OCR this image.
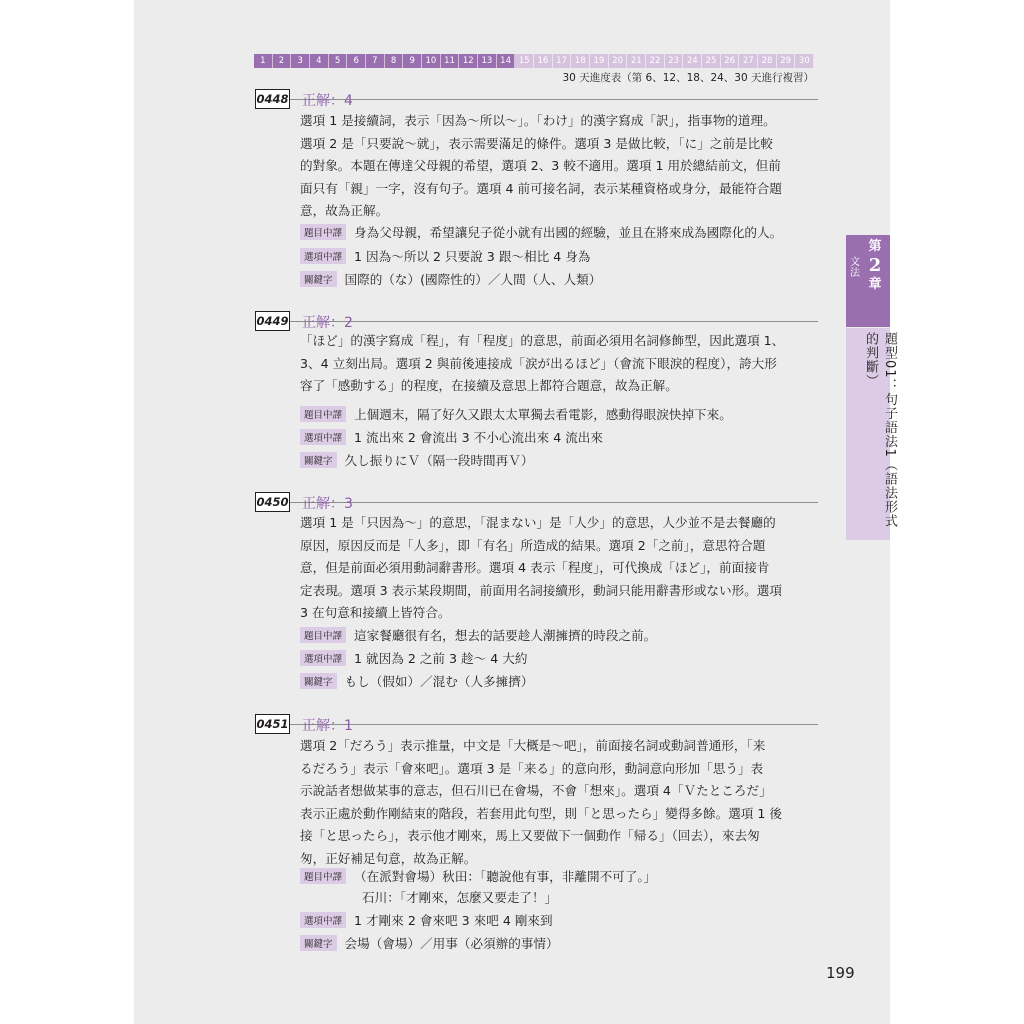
1	2	3	4	5	6	7	8	9	10 11 12 13 14 15 16 17 18 19 20 21 22 23 24 25 26 27 28 29 30
30 天進度表（第 6、12、18、24、30 天進行複習）
0448 正解：4
選項 1 是接續詞，表示「因為～所以～」。「わけ」的漢字寫成「訳」，指事物的道理。
選項 2 是「只要說～就」，表示需要滿足的條件。選項 3 是做比較，「に」之前是比較
的對象。本題在傳達父母親的希望，選項 2、3 較不適用。選項 1 用於總結前文，但前
面只有「親」一字，沒有句子。選項 4 前可接名詞，表示某種資格或身分，最能符合題
意，故為正解。
題目中譯 身為父母親，希望讓兒子從小就有出國的經驗，並且在將來成為國際化的人。
選項中譯 1 因為～所以 2 只要說 3 跟～相比 4 身為
關鍵字 国際的（な）(國際性的）／人間（人、人類）
0449 正解：2
「ほど」的漢字寫成「程」，有「程度」的意思，前面必須用名詞修飾型，因此選項 1、
3、4 立刻出局。選項 2 與前後連接成「涙が出るほど」（會流下眼淚的程度），誇大形
容了「感動する」的程度，在接續及意思上都符合題意，故為正解。
題目中譯 上個週末，隔了好久又跟太太單獨去看電影，感動得眼淚快掉下來。
選項中譯 1 流出來 2 會流出 3 不小心流出來 4 流出來
關鍵字 久し振りにＶ（隔一段時間再Ｖ）
0450 正解：3
選項 1 是「只因為～」的意思，「混まない」是「人少」的意思，人少並不是去餐廳的
原因，原因反而是「人多」，即「有名」所造成的結果。選項 2「之前」，意思符合題
意，但是前面必須用動詞辭書形。選項 4 表示「程度」，可代換成「ほど」，前面接肯
定表現。選項 3 表示某段期間，前面用名詞接續形，動詞只能用辭書形或ない形。選項
3 在句意和接續上皆符合。
題目中譯 這家餐廳很有名，想去的話要趁人潮擁擠的時段之前。
選項中譯 1 就因為 2 之前 3 趁～ 4 大約
關鍵字 もし（假如）／混む（人多擁擠）
0451 正解：1
選項 2「だろう」表示推量，中文是「大概是～吧」，前面接名詞或動詞普通形，「来
るだろう」表示「會來吧」。選項 3 是「来る」的意向形，動詞意向形加「思う」表
示說話者想做某事的意志，但石川已在會場，不會「想來」。選項 4「Ｖたところだ」
表示正處於動作剛結束的階段，若套用此句型，則「と思ったら」變得多餘。選項 1 後
接「と思ったら」，表示他才剛來，馬上又要做下一個動作「帰る」（回去），來去匆
匆，正好補足句意，故為正解。
題目中譯 （在派對會場）秋田：「聽說他有事，非離開不可了。」
石川：「才剛來，怎麼又要走了！」
選項中譯 1 才剛來 2 會來吧 3 來吧 4 剛來到
關鍵字 会場（會場）／用事（必須辦的事情）
文法
第
2
章
題型01：句子語法1（語法形式的判斷）
199
